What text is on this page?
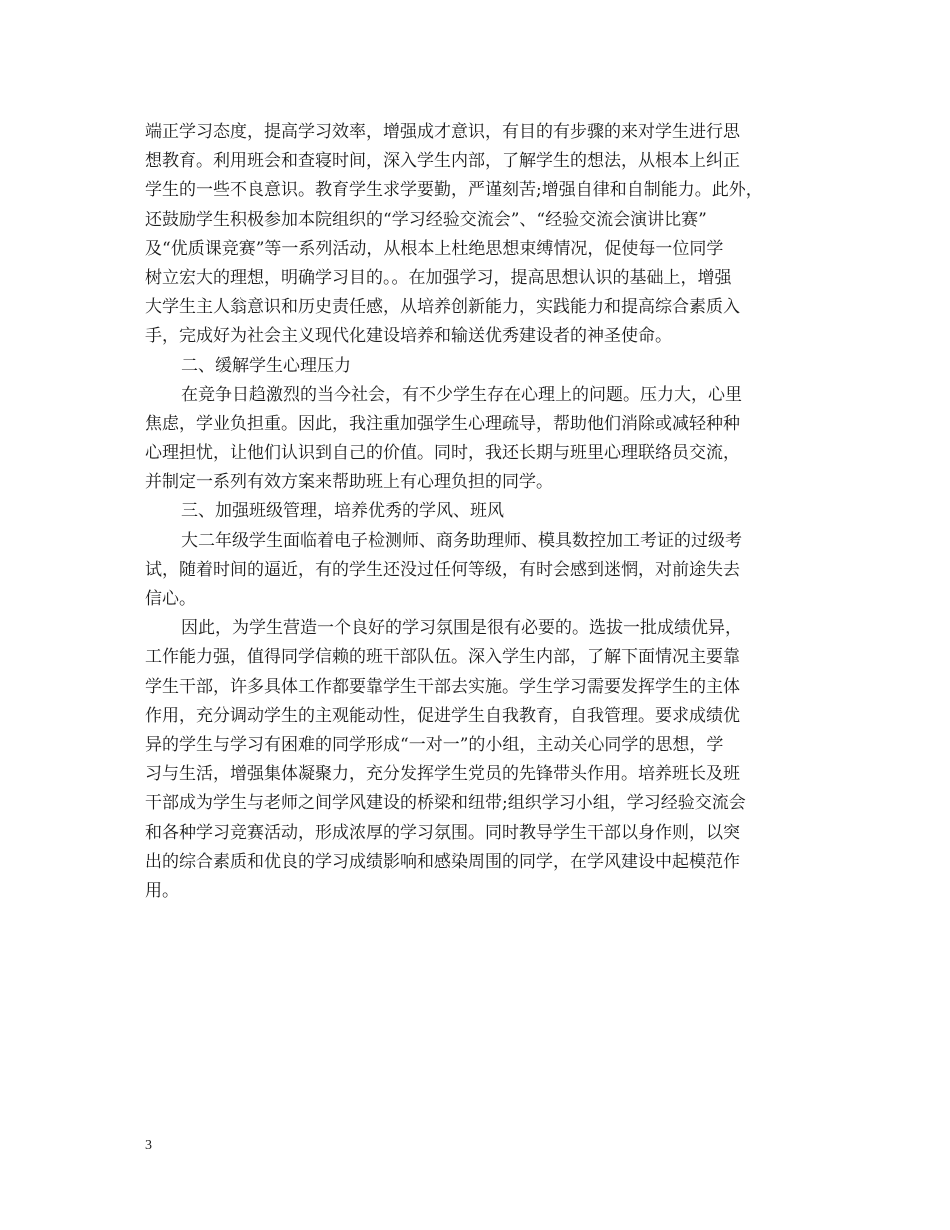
端正学习态度，提高学习效率，增强成才意识，有目的有步骤的来对学生进行思
想教育。利用班会和查寝时间，深入学生内部，了解学生的想法，从根本上纠正
学生的一些不良意识。教育学生求学要勤，严谨刻苦;增强自律和自制能力。此外，
还鼓励学生积极参加本院组织的“学习经验交流会”、“经验交流会演讲比赛”
及“优质课竞赛”等一系列活动，从根本上杜绝思想束缚情况，促使每一位同学
树立宏大的理想，明确学习目的。。在加强学习，提高思想认识的基础上，增强
大学生主人翁意识和历史责任感，从培养创新能力，实践能力和提高综合素质入
手，完成好为社会主义现代化建设培养和输送优秀建设者的神圣使命。
二、缓解学生心理压力
在竞争日趋激烈的当今社会，有不少学生存在心理上的问题。压力大，心里
焦虑，学业负担重。因此，我注重加强学生心理疏导，帮助他们消除或减轻种种
心理担忧，让他们认识到自己的价值。同时，我还长期与班里心理联络员交流，
并制定一系列有效方案来帮助班上有心理负担的同学。
三、加强班级管理，培养优秀的学风、班风
大二年级学生面临着电子检测师、商务助理师、模具数控加工考证的过级考
试，随着时间的逼近，有的学生还没过任何等级，有时会感到迷惘，对前途失去
信心。
因此，为学生营造一个良好的学习氛围是很有必要的。选拔一批成绩优异，
工作能力强，值得同学信赖的班干部队伍。深入学生内部，了解下面情况主要靠
学生干部，许多具体工作都要靠学生干部去实施。学生学习需要发挥学生的主体
作用，充分调动学生的主观能动性，促进学生自我教育，自我管理。要求成绩优
异的学生与学习有困难的同学形成“一对一”的小组，主动关心同学的思想，学
习与生活，增强集体凝聚力，充分发挥学生党员的先锋带头作用。培养班长及班
干部成为学生与老师之间学风建设的桥梁和纽带;组织学习小组，学习经验交流会
和各种学习竞赛活动，形成浓厚的学习氛围。同时教导学生干部以身作则，以突
出的综合素质和优良的学习成绩影响和感染周围的同学，在学风建设中起模范作
用。
3
